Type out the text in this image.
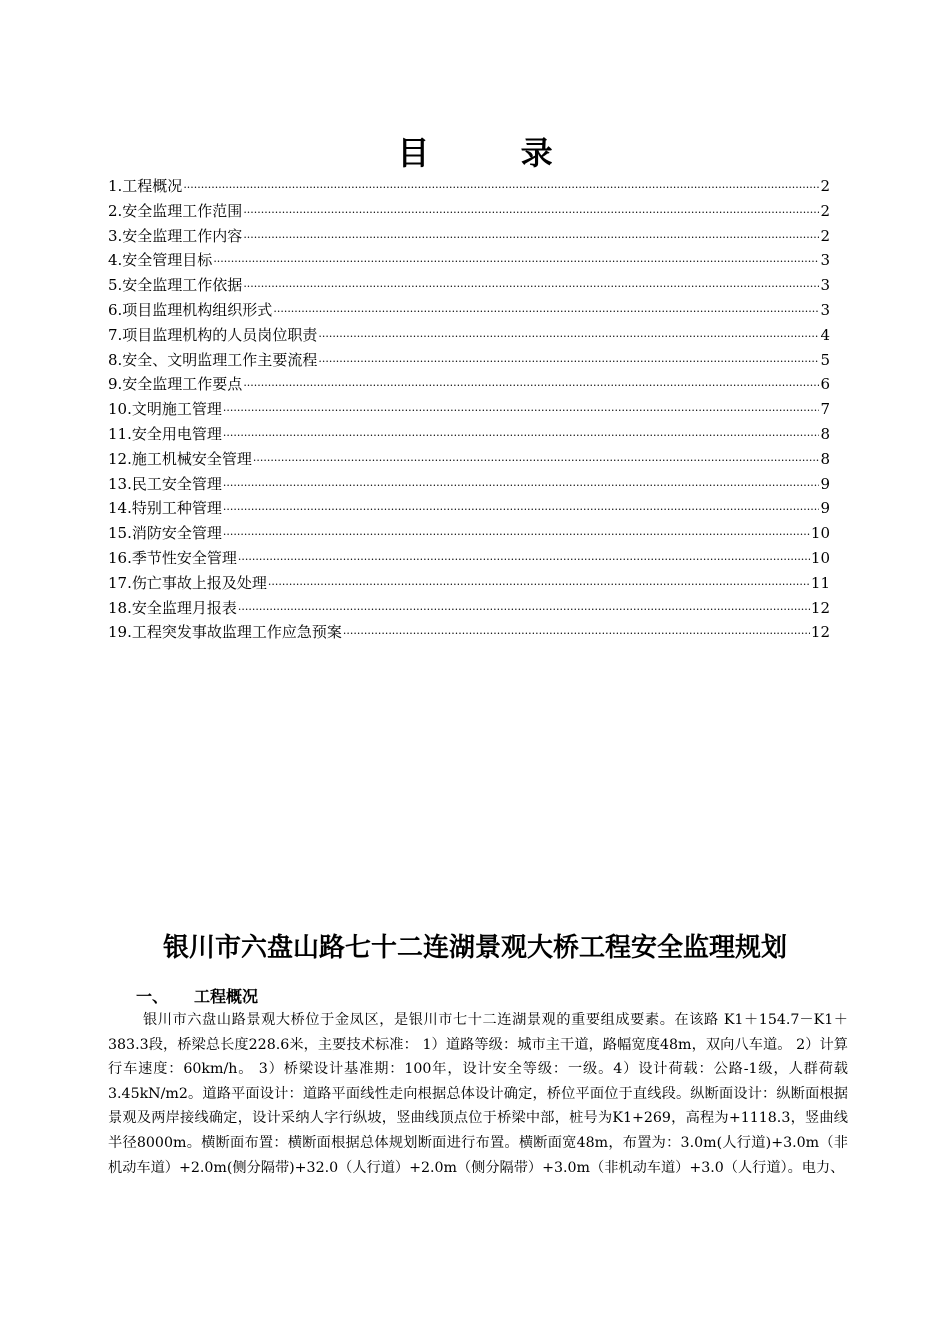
目 录
1.工程概况 ·····	2
2.安全监理工作范围 ·····	2
3.安全监理工作内容 ·····	2
4.安全管理目标 ·····	3
5.安全监理工作依据 ·····	3
6.项目监理机构组织形式 ·····	3
7.项目监理机构的人员岗位职责 ·····	4
8.安全、文明监理工作主要流程 ·····	5
9.安全监理工作要点 ·····	6
10.文明施工管理 ·····	7
11.安全用电管理 ·····	8
12.施工机械安全管理 ·····	8
13.民工安全管理 ·····	9
14.特别工种管理 ·····	9
15.消防安全管理 ·····	10
16.季节性安全管理 ·····	10
17.伤亡事故上报及处理 ·····	11
18.安全监理月报表 ·····	12
19.工程突发事故监理工作应急预案 ·····	12
银川市六盘山路七十二连湖景观大桥工程安全监理规划
一、 工程概况

银川市六盘山路景观大桥位于金凤区，是银川市七十二连湖景观的重要组成要素。在该路 K1＋154.7－K1＋383.3段，桥梁总长度228.6米，主要技术标准： 1）道路等级：城市主干道，路幅宽度48m，双向八车道。 2）计算行车速度：60km/h。 3）桥梁设计基准期：100年，设计安全等级：一级。4）设计荷载：公路-1级，人群荷载3.45kN/m2。道路平面设计：道路平面线性走向根据总体设计确定，桥位平面位于直线段。纵断面设计：纵断面根据景观及两岸接线确定，设计采纳人字行纵坡，竖曲线顶点位于桥梁中部，桩号为K1+269，高程为+1118.3，竖曲线半径8000m。横断面布置：横断面根据总体规划断面进行布置。横断面宽48m，布置为：3.0m(人行道)+3.0m（非机动车道）+2.0m(侧分隔带)+32.0（人行道）+2.0m（侧分隔带）+3.0m（非机动车道）+3.0（人行道）。电力、
